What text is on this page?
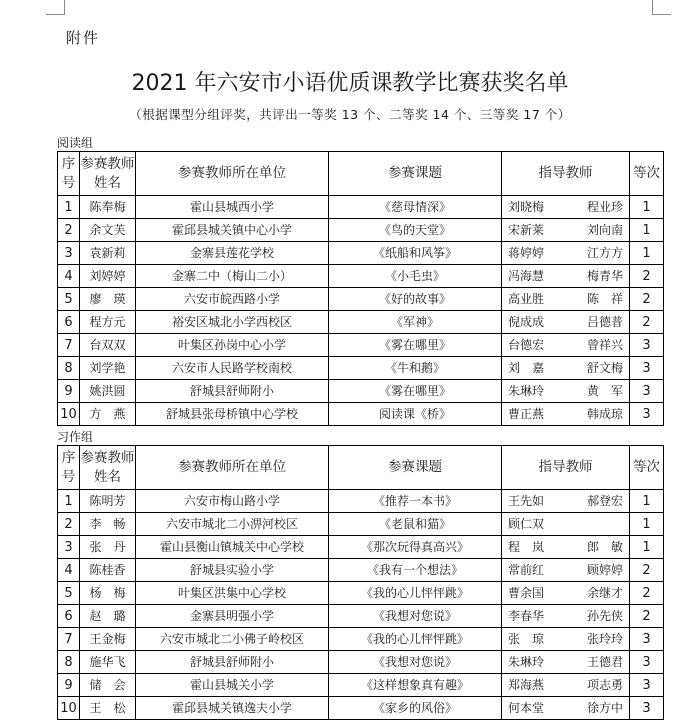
附件
2021 年六安市小语优质课教学比赛获奖名单
（根据课型分组评奖，共评出一等奖 13 个、二等奖 14 个、三等奖 17 个）
阅读组
序号	参赛教师姓名	参赛教师所在单位	参赛课题	指导教师	等次
1	陈奉梅	霍山县城西小学	《慈母情深》	刘晓梅 程业珍	1
2	余文芙	霍邱县城关镇中心小学	《鸟的天堂》	宋新莱 刘向南	1
3	袁新莉	金寨县莲花学校	《纸船和风筝》	蒋婷婷 江方方	1
4	刘婷婷	金寨二中（梅山二小）	《小毛虫》	冯海慧 梅青华	2
5	廖　瑛	六安市皖西路小学	《好的故事》	高业胜 陈　祥	2
6	程方元	裕安区城北小学西校区	《军神》	倪成成 吕德普	2
7	台双双	叶集区孙岗中心小学	《雾在哪里》	台德宏 曾祥兴	3
8	刘学艳	六安市人民路学校南校	《牛和鹅》	刘　嘉 舒文梅	3
9	姚洪圆	舒城县舒师附小	《雾在哪里》	朱琳玲 黄　军	3
10	方　燕	舒城县张母桥镇中心学校	阅读课《桥》	曹正燕 韩成琼	3
习作组
序号	参赛教师姓名	参赛教师所在单位	参赛课题	指导教师	等次
1	陈明芳	六安市梅山路小学	《推荐一本书》	王先如 郝登宏	1
2	李　畅	六安市城北二小淠河校区	《老鼠和猫》	顾仁双	1
3	张　丹	霍山县衡山镇城关中心学校	《那次玩得真高兴》	程　岚 郎　敏	1
4	陈桂香	舒城县实验小学	《我有一个想法》	常前红 顾婷婷	2
5	杨　梅	叶集区洪集中心学校	《我的心儿怦怦跳》	曹余国 余继才	2
6	赵　璐	金寨县明强小学	《我想对您说》	李春华 孙先侠	2
7	王金梅	六安市城北二小佛子岭校区	《我的心儿怦怦跳》	张　琼 张玲玲	3
8	施华飞	舒城县舒师附小	《我想对您说》	朱琳玲 王德君	3
9	储　会	霍山县城关小学	《这样想象真有趣》	郑海燕 项志勇	3
10	王　松	霍邱县城关镇逸夫小学	《家乡的风俗》	何本堂 徐方中	3
